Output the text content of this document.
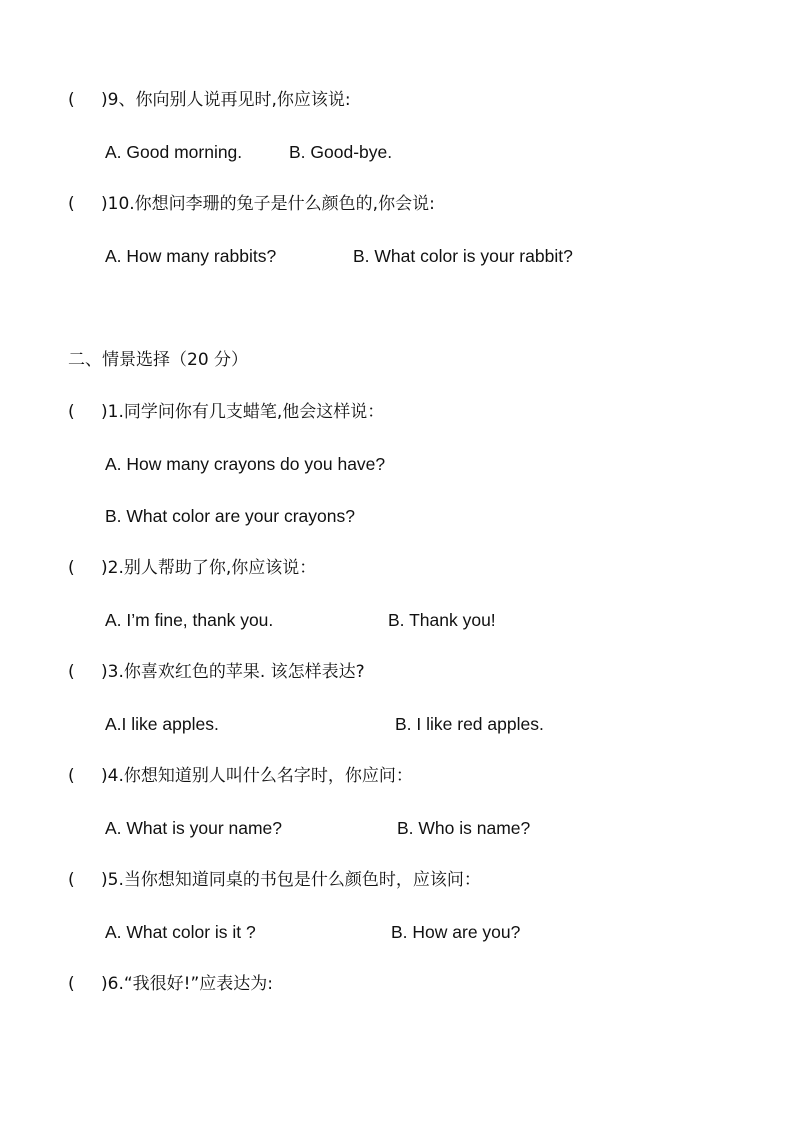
(	)9、你向别人说再见时,你应该说:
A. Good morning.	B. Good-bye.
(	)10.你想问李珊的兔子是什么颜色的,你会说:
A. How many rabbits?	B. What color is your rabbit?
二、情景选择（20 分）
(	)1.同学问你有几支蜡笔,他会这样说：
A. How many crayons do you have?
B. What color are your crayons?
(	)2.别人帮助了你,你应该说：
A. I’m fine, thank you.	B. Thank you!
(	)3.你喜欢红色的苹果. 该怎样表达?
A.I like apples.	B. I like red apples.
(	)4.你想知道别人叫什么名字时，你应问：
A. What is your name?	B. Who is name?
(	)5.当你想知道同桌的书包是什么颜色时，应该问：
A. What color is it ?	B. How are you?
(	)6.“我很好!”应表达为:
